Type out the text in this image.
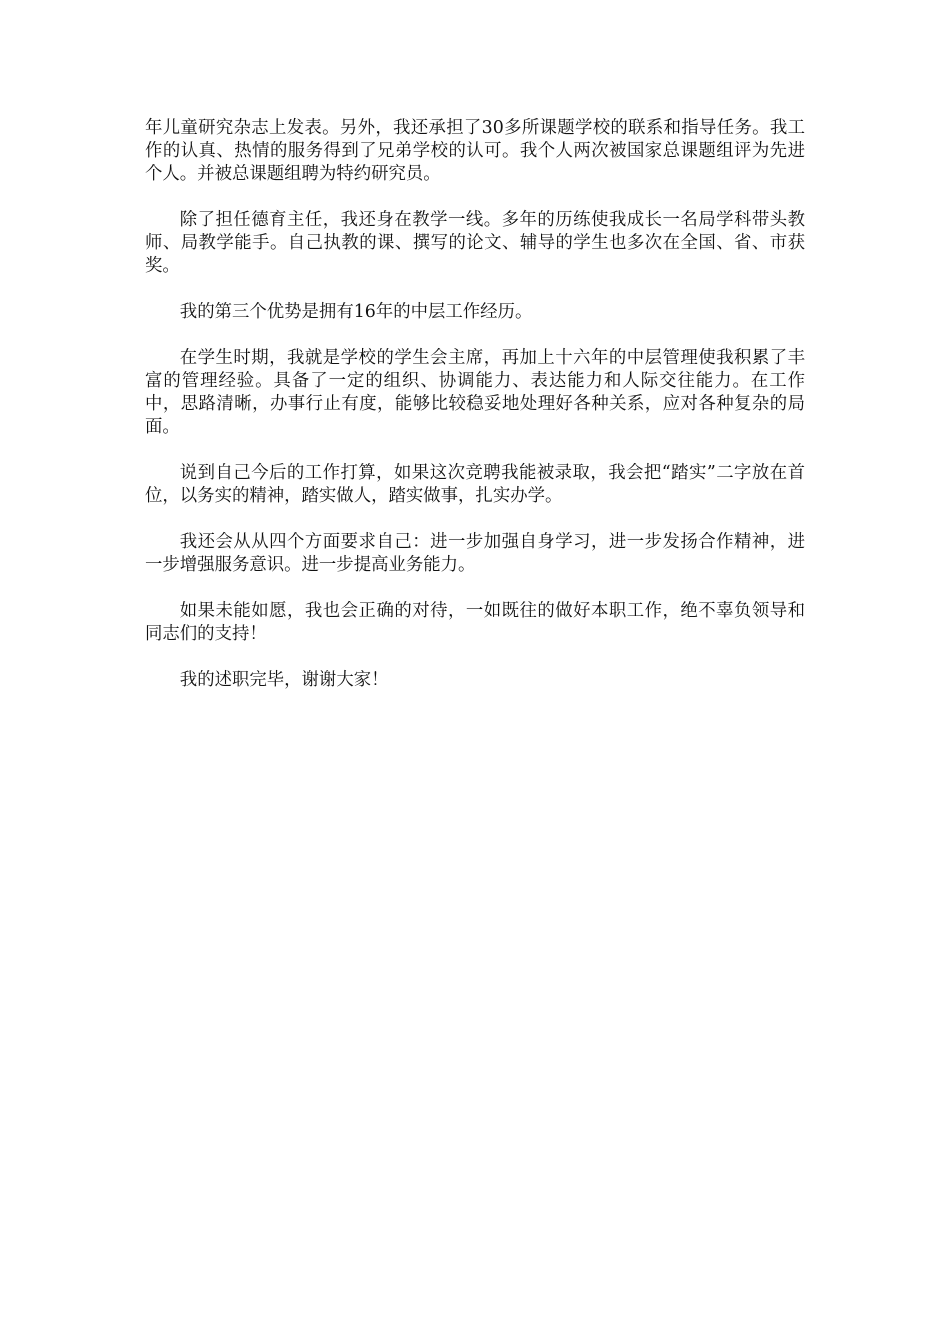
年儿童研究杂志上发表。另外，我还承担了30多所课题学校的联系和指导任务。我工作的认真、热情的服务得到了兄弟学校的认可。我个人两次被国家总课题组评为先进个人。并被总课题组聘为特约研究员。

除了担任德育主任，我还身在教学一线。多年的历练使我成长一名局学科带头教师、局教学能手。自己执教的课、撰写的论文、辅导的学生也多次在全国、省、市获奖。

我的第三个优势是拥有16年的中层工作经历。

在学生时期，我就是学校的学生会主席，再加上十六年的中层管理使我积累了丰富的管理经验。具备了一定的组织、协调能力、表达能力和人际交往能力。在工作中，思路清晰，办事行止有度，能够比较稳妥地处理好各种关系，应对各种复杂的局面。

说到自己今后的工作打算，如果这次竞聘我能被录取，我会把“踏实”二字放在首位，以务实的精神，踏实做人，踏实做事，扎实办学。

我还会从从四个方面要求自己：进一步加强自身学习，进一步发扬合作精神，进一步增强服务意识。进一步提高业务能力。

如果未能如愿，我也会正确的对待，一如既往的做好本职工作，绝不辜负领导和同志们的支持！

我的述职完毕，谢谢大家！
